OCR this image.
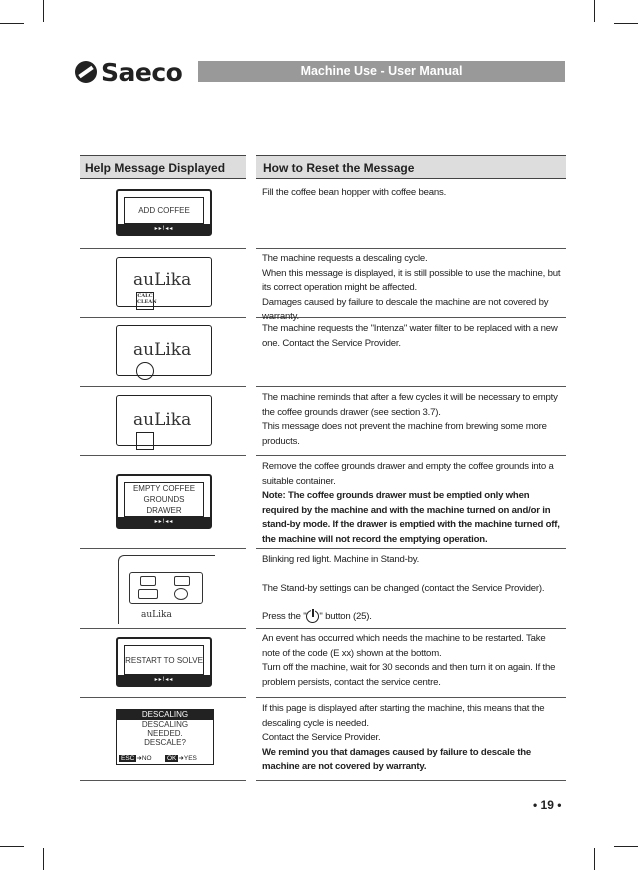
Saeco	Machine Use - User Manual
Help Message Displayed	How to Reset the Message
ADD COFFEE
▸▸!◂◂

Fill the coffee bean hopper with coffee beans.

auLikaCALC CLEAN

The machine requests a descaling cycle.

When this message is displayed, it is still possible to use the machine, but its correct operation might be affected.

Damages caused by failure to descale the machine are not covered by warranty.

auLika

The machine requests the "Intenza" water filter to be replaced with a new one. Contact the Service Provider.

auLika

The machine reminds that after a few cycles it will be necessary to empty the coffee grounds drawer (see section 3.7).

This message does not prevent the machine from brewing some more products.

EMPTY COFFEE GROUNDS DRAWER
▸▸!◂◂

Remove the coffee grounds drawer and empty the coffee grounds into a suitable container.

Note: The coffee grounds drawer must be emptied only when required by the machine and with the machine turned on and/or in stand-by mode. If the drawer is emptied with the machine turned off, the machine will not record the emptying operation.

auLika

Blinking red light. Machine in Stand-by.

The Stand-by settings can be changed (contact the Service Provider).

Press the " " button (25).

RESTART TO SOLVE
▸▸!◂◂

An event has occurred which needs the machine to be restarted. Take note of the code (E xx) shown at the bottom.

Turn off the machine, wait for 30 seconds and then turn it on again. If the problem persists, contact the service centre.

DESCALING
DESCALING
NEEDED.
DESCALE?
ESC ➜ NO	OK ➜ YES

If this page is displayed after starting the machine, this means that the descaling cycle is needed.

Contact the Service Provider.

We remind you that damages caused by failure to descale the machine are not covered by warranty.

• 19 •
